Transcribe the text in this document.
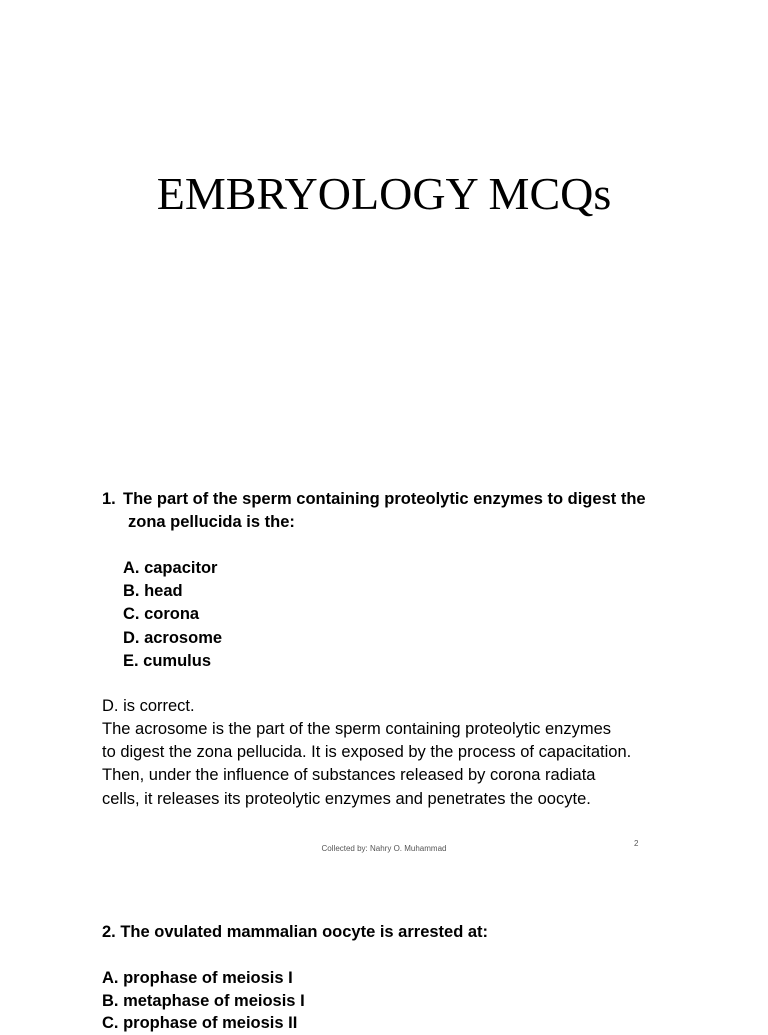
EMBRYOLOGY MCQs
1. The part of the sperm containing proteolytic enzymes to digest the
zona pellucida is the:
A. capacitor
B. head
C. corona
D. acrosome
E. cumulus
D. is correct.
The acrosome is the part of the sperm containing proteolytic enzymes
to digest the zona pellucida. It is exposed by the process of capacitation.
Then, under the influence of substances released by corona radiata
cells, it releases its proteolytic enzymes and penetrates the oocyte.
Collected by: Nahry O. Muhammad
2
2. The ovulated mammalian oocyte is arrested at:
A. prophase of meiosis I
B. metaphase of meiosis I
C. prophase of meiosis II
